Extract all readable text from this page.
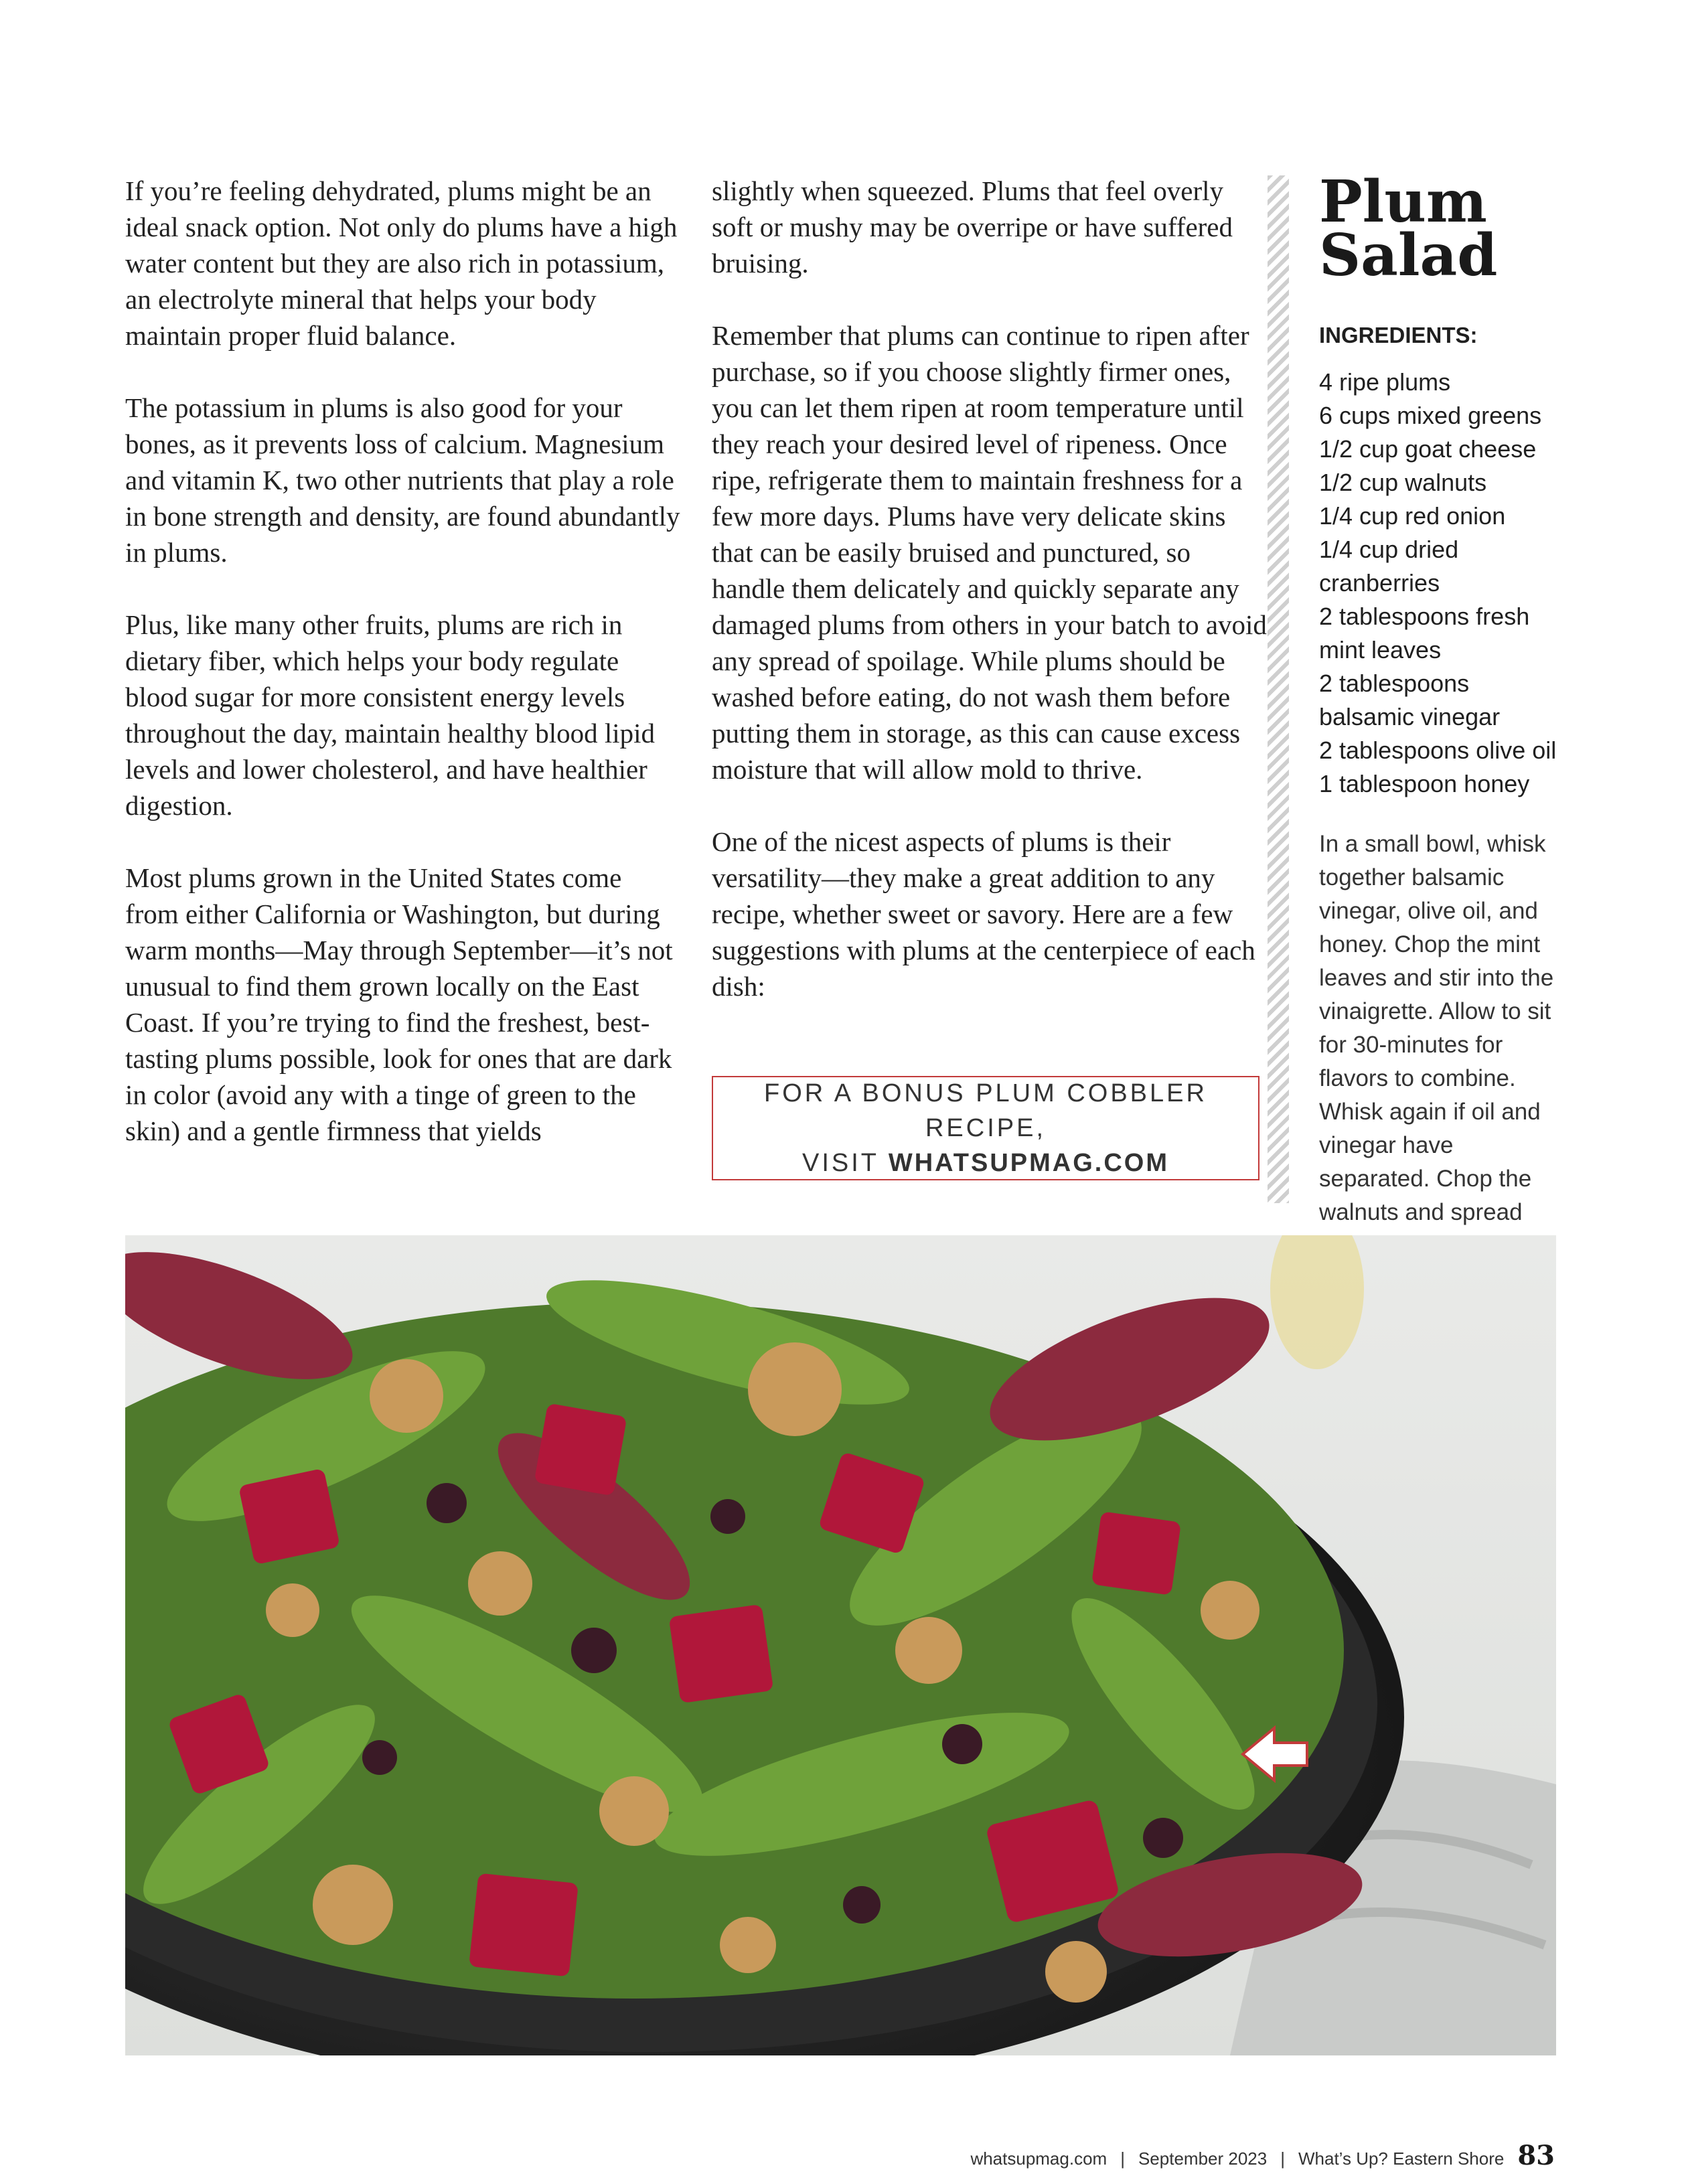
If you’re feeling dehydrated, plums might be an ideal snack option. Not only do plums have a high water content but they are also rich in potassium, an electrolyte mineral that helps your body maintain proper fluid balance.

The potassium in plums is also good for your bones, as it prevents loss of calcium. Magnesium and vitamin K, two other nutrients that play a role in bone strength and density, are found abundantly in plums.

Plus, like many other fruits, plums are rich in dietary fiber, which helps your body regulate blood sugar for more consistent energy levels throughout the day, maintain healthy blood lipid levels and lower cholesterol, and have healthier digestion.

Most plums grown in the United States come from either California or Washington, but during warm months—May through September—it’s not unusual to find them grown locally on the East Coast. If you’re trying to find the freshest, best-tasting plums possible, look for ones that are dark in color (avoid any with a tinge of green to the skin) and a gentle firmness that yields

slightly when squeezed. Plums that feel overly soft or mushy may be overripe or have suffered bruising.

Remember that plums can continue to ripen after purchase, so if you choose slightly firmer ones, you can let them ripen at room temperature until they reach your desired level of ripeness. Once ripe, refrigerate them to maintain freshness for a few more days. Plums have very delicate skins that can be easily bruised and punctured, so handle them delicately and quickly separate any damaged plums from others in your batch to avoid any spread of spoilage. While plums should be washed before eating, do not wash them before putting them in storage, as this can cause excess moisture that will allow mold to thrive.

One of the nicest aspects of plums is their versatility—they make a great addition to any recipe, whether sweet or savory. Here are a few suggestions with plums at the centerpiece of each dish:

FOR A BONUS PLUM COBBLER RECIPE,
VISIT WHATSUPMAG.COM
Plum
Salad
INGREDIENTS:
4 ripe plums
6 cups mixed greens
1/2 cup goat cheese
1/2 cup walnuts
1/4 cup red onion
1/4 cup dried cranberries
2 tablespoons fresh mint leaves
2 tablespoons balsamic vinegar
2 tablespoons olive oil
1 tablespoon honey

In a small bowl, whisk together balsamic vinegar, olive oil, and honey. Chop the mint leaves and stir into the vinaigrette. Allow to sit for 30-minutes for flavors to combine. Whisk again if oil and vinegar have separated. Chop the walnuts and spread

whatsupmag.com | September 2023 | What’s Up? Eastern Shore 83
